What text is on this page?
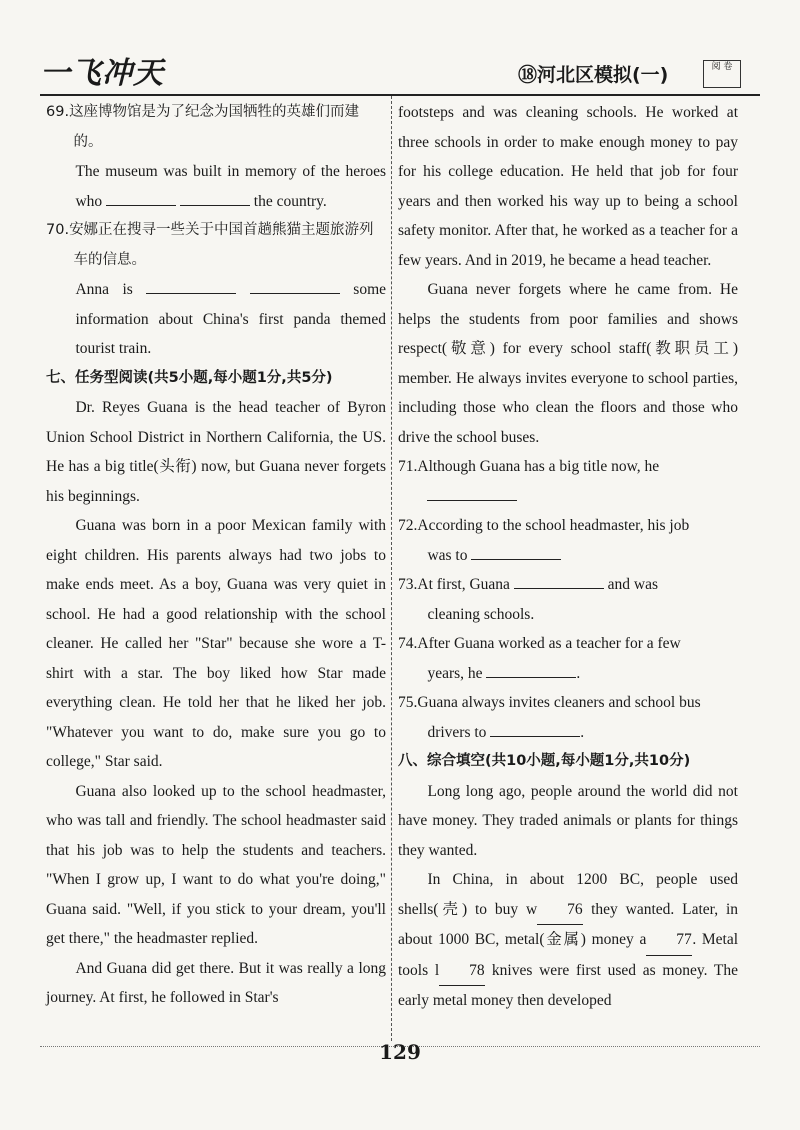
一飞冲天	⑱河北区模拟(一)	阅 卷
69.这座博物馆是为了纪念为国牺牲的英雄们而建的。
The museum was built in memory of the heroes who	the country.
70.安娜正在搜寻一些关于中国首趟熊猫主题旅游列车的信息。
Anna is	some information about China's first panda themed tourist train.
七、任务型阅读(共5小题,每小题1分,共5分)

Dr. Reyes Guana is the head teacher of Byron Union School District in Northern California, the US. He has a big title(头衔) now, but Guana never forgets his beginnings.

Guana was born in a poor Mexican family with eight children. His parents always had two jobs to make ends meet. As a boy, Guana was very quiet in school. He had a good relationship with the school cleaner. He called her "Star" because she wore a T-shirt with a star. The boy liked how Star made everything clean. He told her that he liked her job. "Whatever you want to do, make sure you go to college," Star said.

Guana also looked up to the school headmaster, who was tall and friendly. The school headmaster said that his job was to help the students and teachers. "When I grow up, I want to do what you're doing," Guana said. "Well, if you stick to your dream, you'll get there," the headmaster replied.

And Guana did get there. But it was really a long journey. At first, he followed in Star's

footsteps and was cleaning schools. He worked at three schools in order to make enough money to pay for his college education. He held that job for four years and then worked his way up to being a school safety monitor. After that, he worked as a teacher for a few years. And in 2019, he became a head teacher.

Guana never forgets where he came from. He helps the students from poor families and shows respect(敬意) for every school staff(教职员工) member. He always invites everyone to school parties, including those who clean the floors and those who drive the school buses.

71.Although Guana has a big title now, he

72.According to the school headmaster, his job
was to
73.At first, Guana	and was
cleaning schools.
74.After Guana worked as a teacher for a few
years, he	.
75.Guana always invites cleaners and school bus
drivers to	.
八、综合填空(共10小题,每小题1分,共10分)

Long long ago, people around the world did not have money. They traded animals or plants for things they wanted.

In China, in about 1200 BC, people used shells(壳) to buy w 76 they wanted. Later, in about 1000 BC, metal(金属) money a 77. Metal tools l 78 knives were first used as money. The early metal money then developed

129
